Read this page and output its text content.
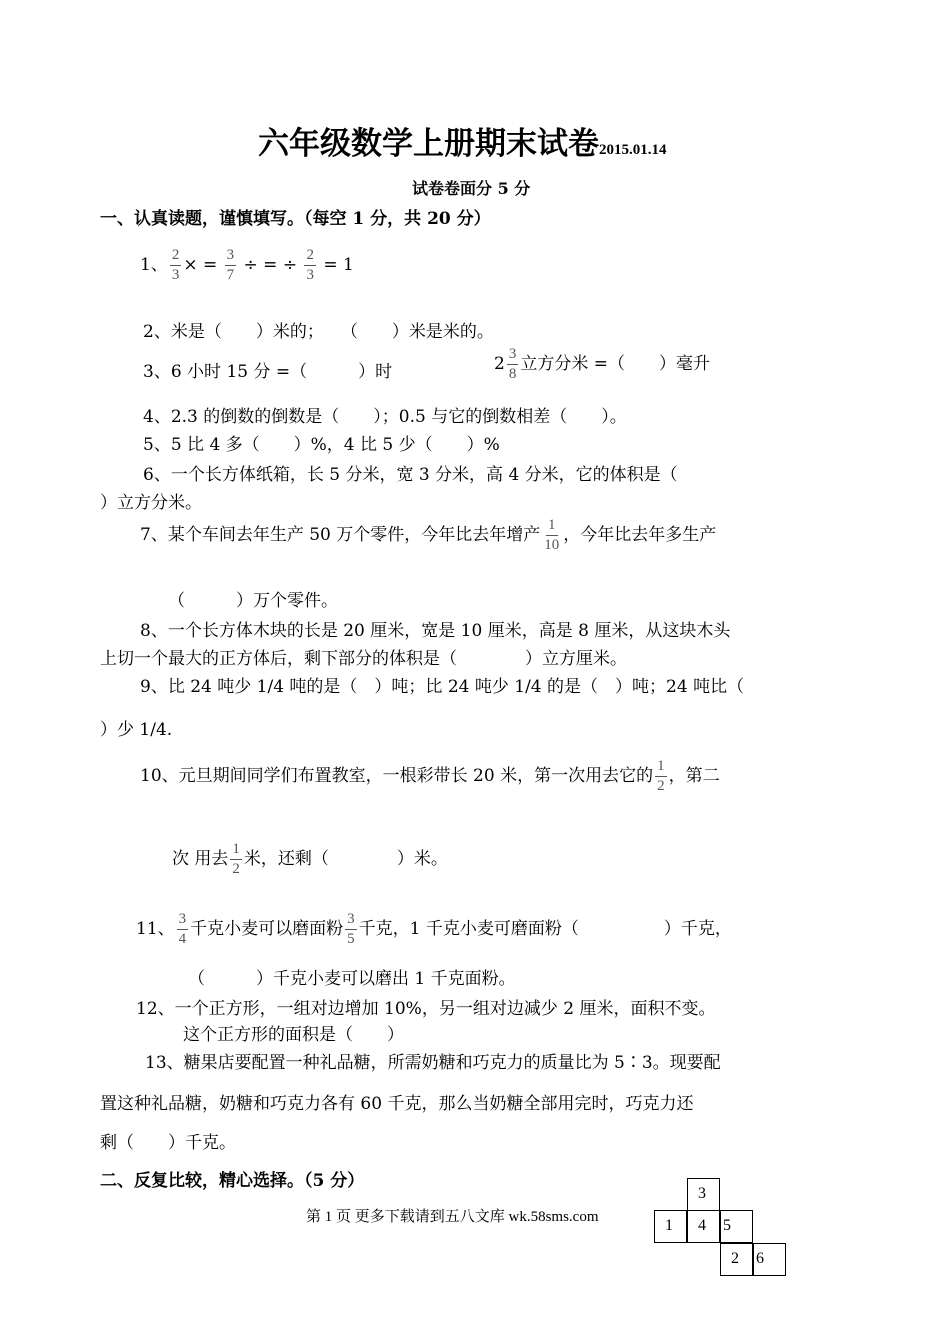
六年级数学上册期末试卷2015.01.14
试卷卷面分 5 分
一、认真读题，谨慎填写。（每空 1 分，共 20 分）
1、 $\frac{2}{3}$ × = $\frac{3}{7}$ ÷ = ÷ $\frac{2}{3} = 1$
2、米是（　　）米的；　　（　　）米是米的。
3、6 小时 15 分 =（　　　）时	$2 \frac{3}{8}$ 立方分米 =（　　）毫升
4、2.3 的倒数的倒数是（　　）；0.5 与它的倒数相差（　　）。
5、5 比 4 多（　　）%，4 比 5 少（　　）%
6、一个长方体纸箱，长 5 分米，宽 3 分米，高 4 分米，它的体积是（
）立方分米。
7、某个车间去年生产 50 万个零件，今年比去年增产 $\frac{1}{10}$ ，今年比去年多生产
（　　　）万个零件。
8、一个长方体木块的长是 20 厘米，宽是 10 厘米，高是 8 厘米，从这块木头
上切一个最大的正方体后，剩下部分的体积是（　　　　）立方厘米。
9、比 24 吨少 1/4 吨的是（　）吨；比 24 吨少 1/4 的是（　）吨；24 吨比（
）少 1/4.
10、元旦期间同学们布置教室，一根彩带长 20 米，第一次用去它的 $\frac{1}{2}$ ，第二
次 用去 $\frac{1}{2}$ 米，还剩（　　　　）米。
11、 $\frac{3}{4}$ 千克小麦可以磨面粉 $\frac{3}{5}$ 千克，1 千克小麦可磨面粉（　　　　　）千克，
（　　　）千克小麦可以磨出 1 千克面粉。
12、一个正方形，一组对边增加 10%，另一组对边减少 2 厘米，面积不变。
这个正方形的面积是（　　）
13、糖果店要配置一种礼品糖，所需奶糖和巧克力的质量比为 5∶3。现要配
置这种礼品糖，奶糖和巧克力各有 60 千克，那么当奶糖全部用完时，巧克力还
剩（　　）千克。
二、反复比较，精心选择。（5 分）
3
1 4 5
2 6
第 1 页 更多下载请到五八文库 wk.58sms.com
